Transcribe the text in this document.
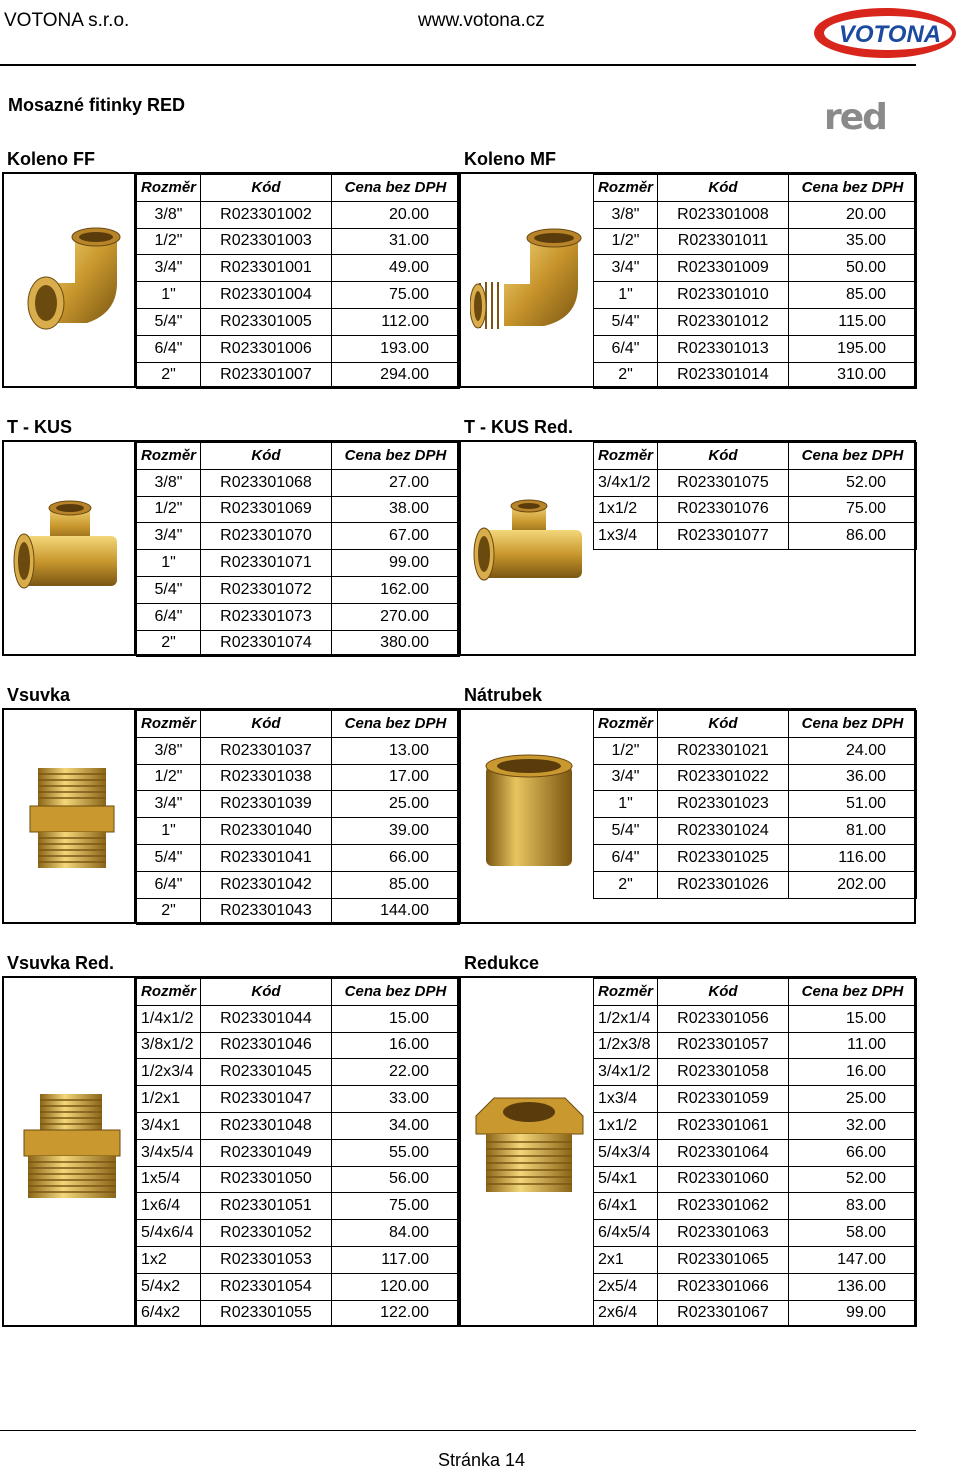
VOTONA s.r.o.	www.votona.cz
VOTONA
Mosazné fitinky RED	red
Koleno FF	Koleno MF
T - KUS	T - KUS Red.
Vsuvka	Nátrubek
Vsuvka Red.	Redukce
Rozměr	Kód	Cena bez DPH
3/8"	R023301002	20.00
1/2"	R023301003	31.00
3/4"	R023301001	49.00
1"	R023301004	75.00
5/4"	R023301005	112.00
6/4"	R023301006	193.00
2"	R023301007	294.00
Rozměr	Kód	Cena bez DPH
3/8"	R023301008	20.00
1/2"	R023301011	35.00
3/4"	R023301009	50.00
1"	R023301010	85.00
5/4"	R023301012	115.00
6/4"	R023301013	195.00
2"	R023301014	310.00
Rozměr	Kód	Cena bez DPH
3/8"	R023301068	27.00
1/2"	R023301069	38.00
3/4"	R023301070	67.00
1"	R023301071	99.00
5/4"	R023301072	162.00
6/4"	R023301073	270.00
2"	R023301074	380.00
Rozměr	Kód	Cena bez DPH
3/4x1/2	R023301075	52.00
1x1/2	R023301076	75.00
1x3/4	R023301077	86.00

Rozměr	Kód	Cena bez DPH
3/8"	R023301037	13.00
1/2"	R023301038	17.00
3/4"	R023301039	25.00
1"	R023301040	39.00
5/4"	R023301041	66.00
6/4"	R023301042	85.00
2"	R023301043	144.00
Rozměr	Kód	Cena bez DPH
1/2"	R023301021	24.00
3/4"	R023301022	36.00
1"	R023301023	51.00
5/4"	R023301024	81.00
6/4"	R023301025	116.00
2"	R023301026	202.00

Rozměr	Kód	Cena bez DPH
1/4x1/2	R023301044	15.00
3/8x1/2	R023301046	16.00
1/2x3/4	R023301045	22.00
1/2x1	R023301047	33.00
3/4x1	R023301048	34.00
3/4x5/4	R023301049	55.00
1x5/4	R023301050	56.00
1x6/4	R023301051	75.00
5/4x6/4	R023301052	84.00
1x2	R023301053	117.00
5/4x2	R023301054	120.00
6/4x2	R023301055	122.00
Rozměr	Kód	Cena bez DPH
1/2x1/4	R023301056	15.00
1/2x3/8	R023301057	11.00
3/4x1/2	R023301058	16.00
1x3/4	R023301059	25.00
1x1/2	R023301061	32.00
5/4x3/4	R023301064	66.00
5/4x1	R023301060	52.00
6/4x1	R023301062	83.00
6/4x5/4	R023301063	58.00
2x1	R023301065	147.00
2x5/4	R023301066	136.00
2x6/4	R023301067	99.00
Stránka 14
